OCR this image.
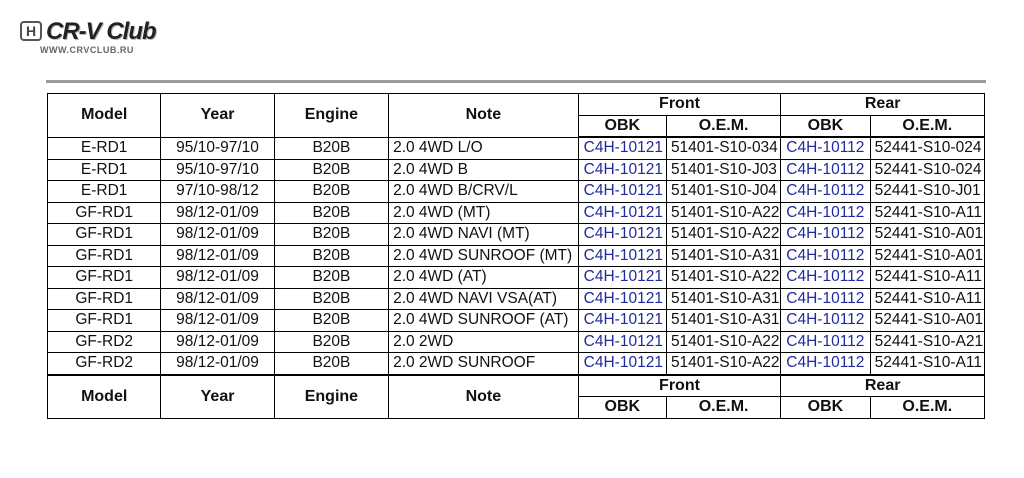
H CR-V Club
WWW.CRVCLUB.RU
Model	Year	Engine	Note	Front		Rear	
				OBK	O.E.M.	OBK	O.E.M.
E-RD1	95/10-97/10	B20B	2.0 4WD L/O	C4H-10121	51401-S10-034	C4H-10112	52441-S10-024
E-RD1	95/10-97/10	B20B	2.0 4WD B	C4H-10121	51401-S10-J03	C4H-10112	52441-S10-024
E-RD1	97/10-98/12	B20B	2.0 4WD B/CRV/L	C4H-10121	51401-S10-J04	C4H-10112	52441-S10-J01
GF-RD1	98/12-01/09	B20B	2.0 4WD (MT)	C4H-10121	51401-S10-A22	C4H-10112	52441-S10-A11
GF-RD1	98/12-01/09	B20B	2.0 4WD NAVI (MT)	C4H-10121	51401-S10-A22	C4H-10112	52441-S10-A01
GF-RD1	98/12-01/09	B20B	2.0 4WD SUNROOF (MT)	C4H-10121	51401-S10-A31	C4H-10112	52441-S10-A01
GF-RD1	98/12-01/09	B20B	2.0 4WD (AT)	C4H-10121	51401-S10-A22	C4H-10112	52441-S10-A11
GF-RD1	98/12-01/09	B20B	2.0 4WD NAVI VSA(AT)	C4H-10121	51401-S10-A31	C4H-10112	52441-S10-A11
GF-RD1	98/12-01/09	B20B	2.0 4WD SUNROOF (AT)	C4H-10121	51401-S10-A31	C4H-10112	52441-S10-A01
GF-RD2	98/12-01/09	B20B	2.0 2WD	C4H-10121	51401-S10-A22	C4H-10112	52441-S10-A21
GF-RD2	98/12-01/09	B20B	2.0 2WD SUNROOF	C4H-10121	51401-S10-A22	C4H-10112	52441-S10-A11
Model	Year	Engine	Note	Front		Rear	
				OBK	O.E.M.	OBK	O.E.M.
